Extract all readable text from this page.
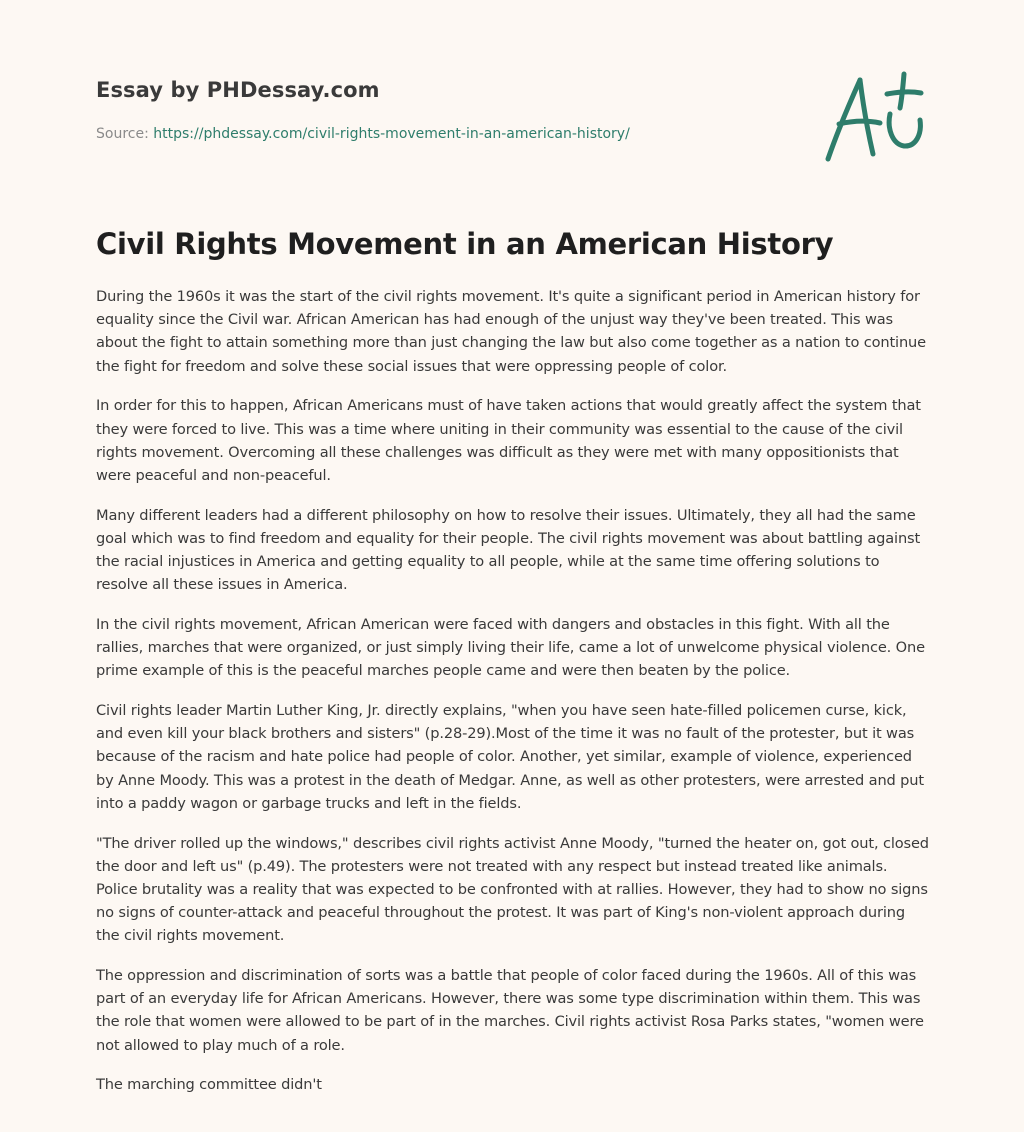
Essay by PHDessay.com
Source: https://phdessay.com/civil-rights-movement-in-an-american-history/
Civil Rights Movement in an American History

During the 1960s it was the start of the civil rights movement. It's quite a significant period in American history for equality since the Civil war. African American has had enough of the unjust way they've been treated. This was about the fight to attain something more than just changing the law but also come together as a nation to continue the fight for freedom and solve these social issues that were oppressing people of color.

In order for this to happen, African Americans must of have taken actions that would greatly affect the system that they were forced to live. This was a time where uniting in their community was essential to the cause of the civil rights movement. Overcoming all these challenges was difficult as they were met with many oppositionists that were peaceful and non-peaceful.

Many different leaders had a different philosophy on how to resolve their issues. Ultimately, they all had the same goal which was to find freedom and equality for their people. The civil rights movement was about battling against the racial injustices in America and getting equality to all people, while at the same time offering solutions to resolve all these issues in America.

In the civil rights movement, African American were faced with dangers and obstacles in this fight. With all the rallies, marches that were organized, or just simply living their life, came a lot of unwelcome physical violence. One prime example of this is the peaceful marches people came and were then beaten by the police.

Civil rights leader Martin Luther King, Jr. directly explains, "when you have seen hate-filled policemen curse, kick, and even kill your black brothers and sisters" (p.28-29).Most of the time it was no fault of the protester, but it was because of the racism and hate police had people of color. Another, yet similar, example of violence, experienced by Anne Moody. This was a protest in the death of Medgar. Anne, as well as other protesters, were arrested and put into a paddy wagon or garbage trucks and left in the fields.

"The driver rolled up the windows," describes civil rights activist Anne Moody, "turned the heater on, got out, closed the door and left us" (p.49). The protesters were not treated with any respect but instead treated like animals. Police brutality was a reality that was expected to be confronted with at rallies. However, they had to show no signs no signs of counter-attack and peaceful throughout the protest. It was part of King's non-violent approach during the civil rights movement.

The oppression and discrimination of sorts was a battle that people of color faced during the 1960s. All of this was part of an everyday life for African Americans. However, there was some type discrimination within them. This was the role that women were allowed to be part of in the marches. Civil rights activist Rosa Parks states, "women were not allowed to play much of a role.

The marching committee didn't
